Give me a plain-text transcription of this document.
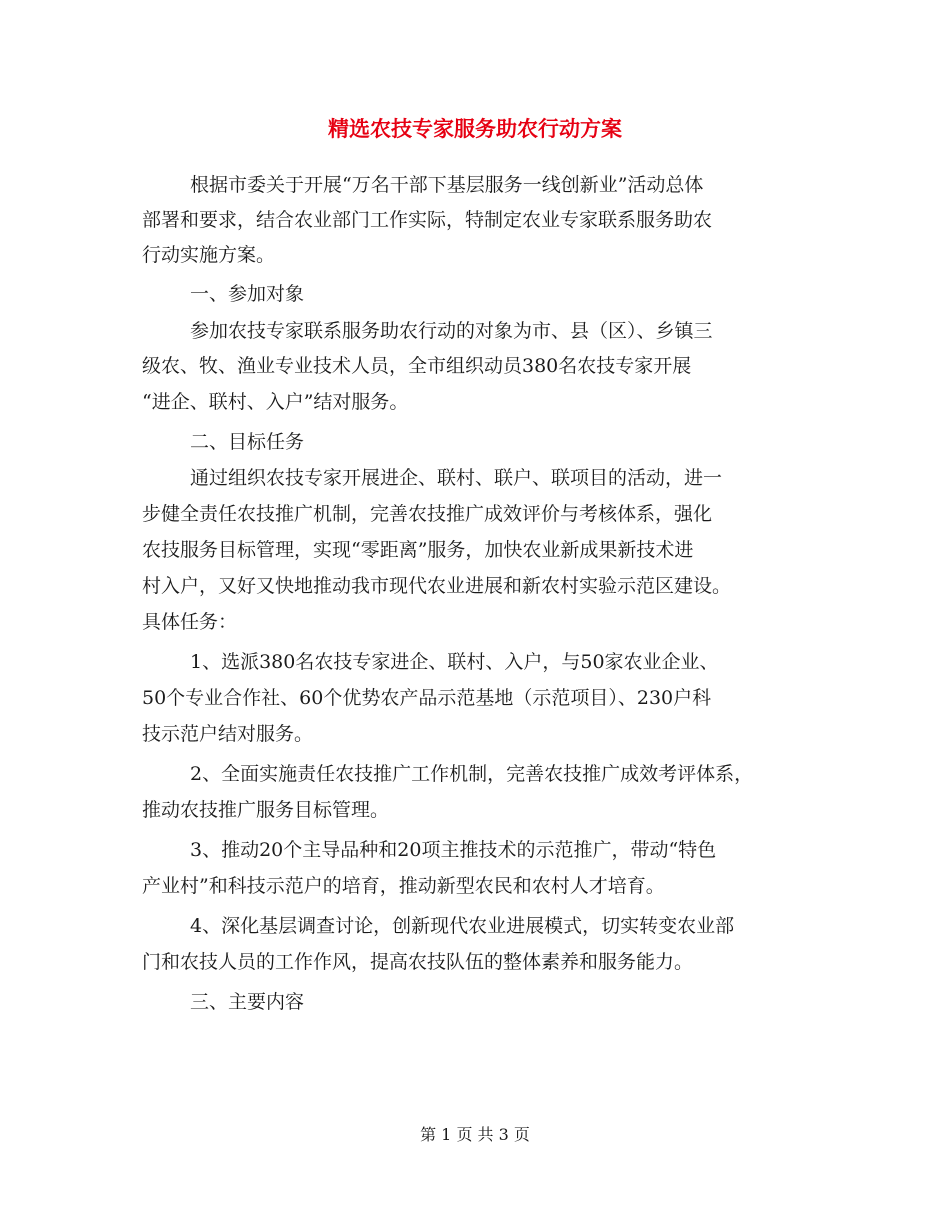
精选农技专家服务助农行动方案
根据市委关于开展“万名干部下基层服务一线创新业”活动总体
部署和要求，结合农业部门工作实际，特制定农业专家联系服务助农
行动实施方案。
一、参加对象
参加农技专家联系服务助农行动的对象为市、县（区）、乡镇三
级农、牧、渔业专业技术人员，全市组织动员380名农技专家开展
“进企、联村、入户”结对服务。
二、目标任务
通过组织农技专家开展进企、联村、联户、联项目的活动，进一
步健全责任农技推广机制，完善农技推广成效评价与考核体系，强化
农技服务目标管理，实现“零距离”服务，加快农业新成果新技术进
村入户，又好又快地推动我市现代农业进展和新农村实验示范区建设。
具体任务：
1、选派380名农技专家进企、联村、入户，与50家农业企业、
50个专业合作社、60个优势农产品示范基地（示范项目）、230户科
技示范户结对服务。
2、全面实施责任农技推广工作机制，完善农技推广成效考评体系，
推动农技推广服务目标管理。
3、推动20个主导品种和20项主推技术的示范推广，带动“特色
产业村”和科技示范户的培育，推动新型农民和农村人才培育。
4、深化基层调查讨论，创新现代农业进展模式，切实转变农业部
门和农技人员的工作作风，提高农技队伍的整体素养和服务能力。
三、主要内容
第 1 页 共 3 页
